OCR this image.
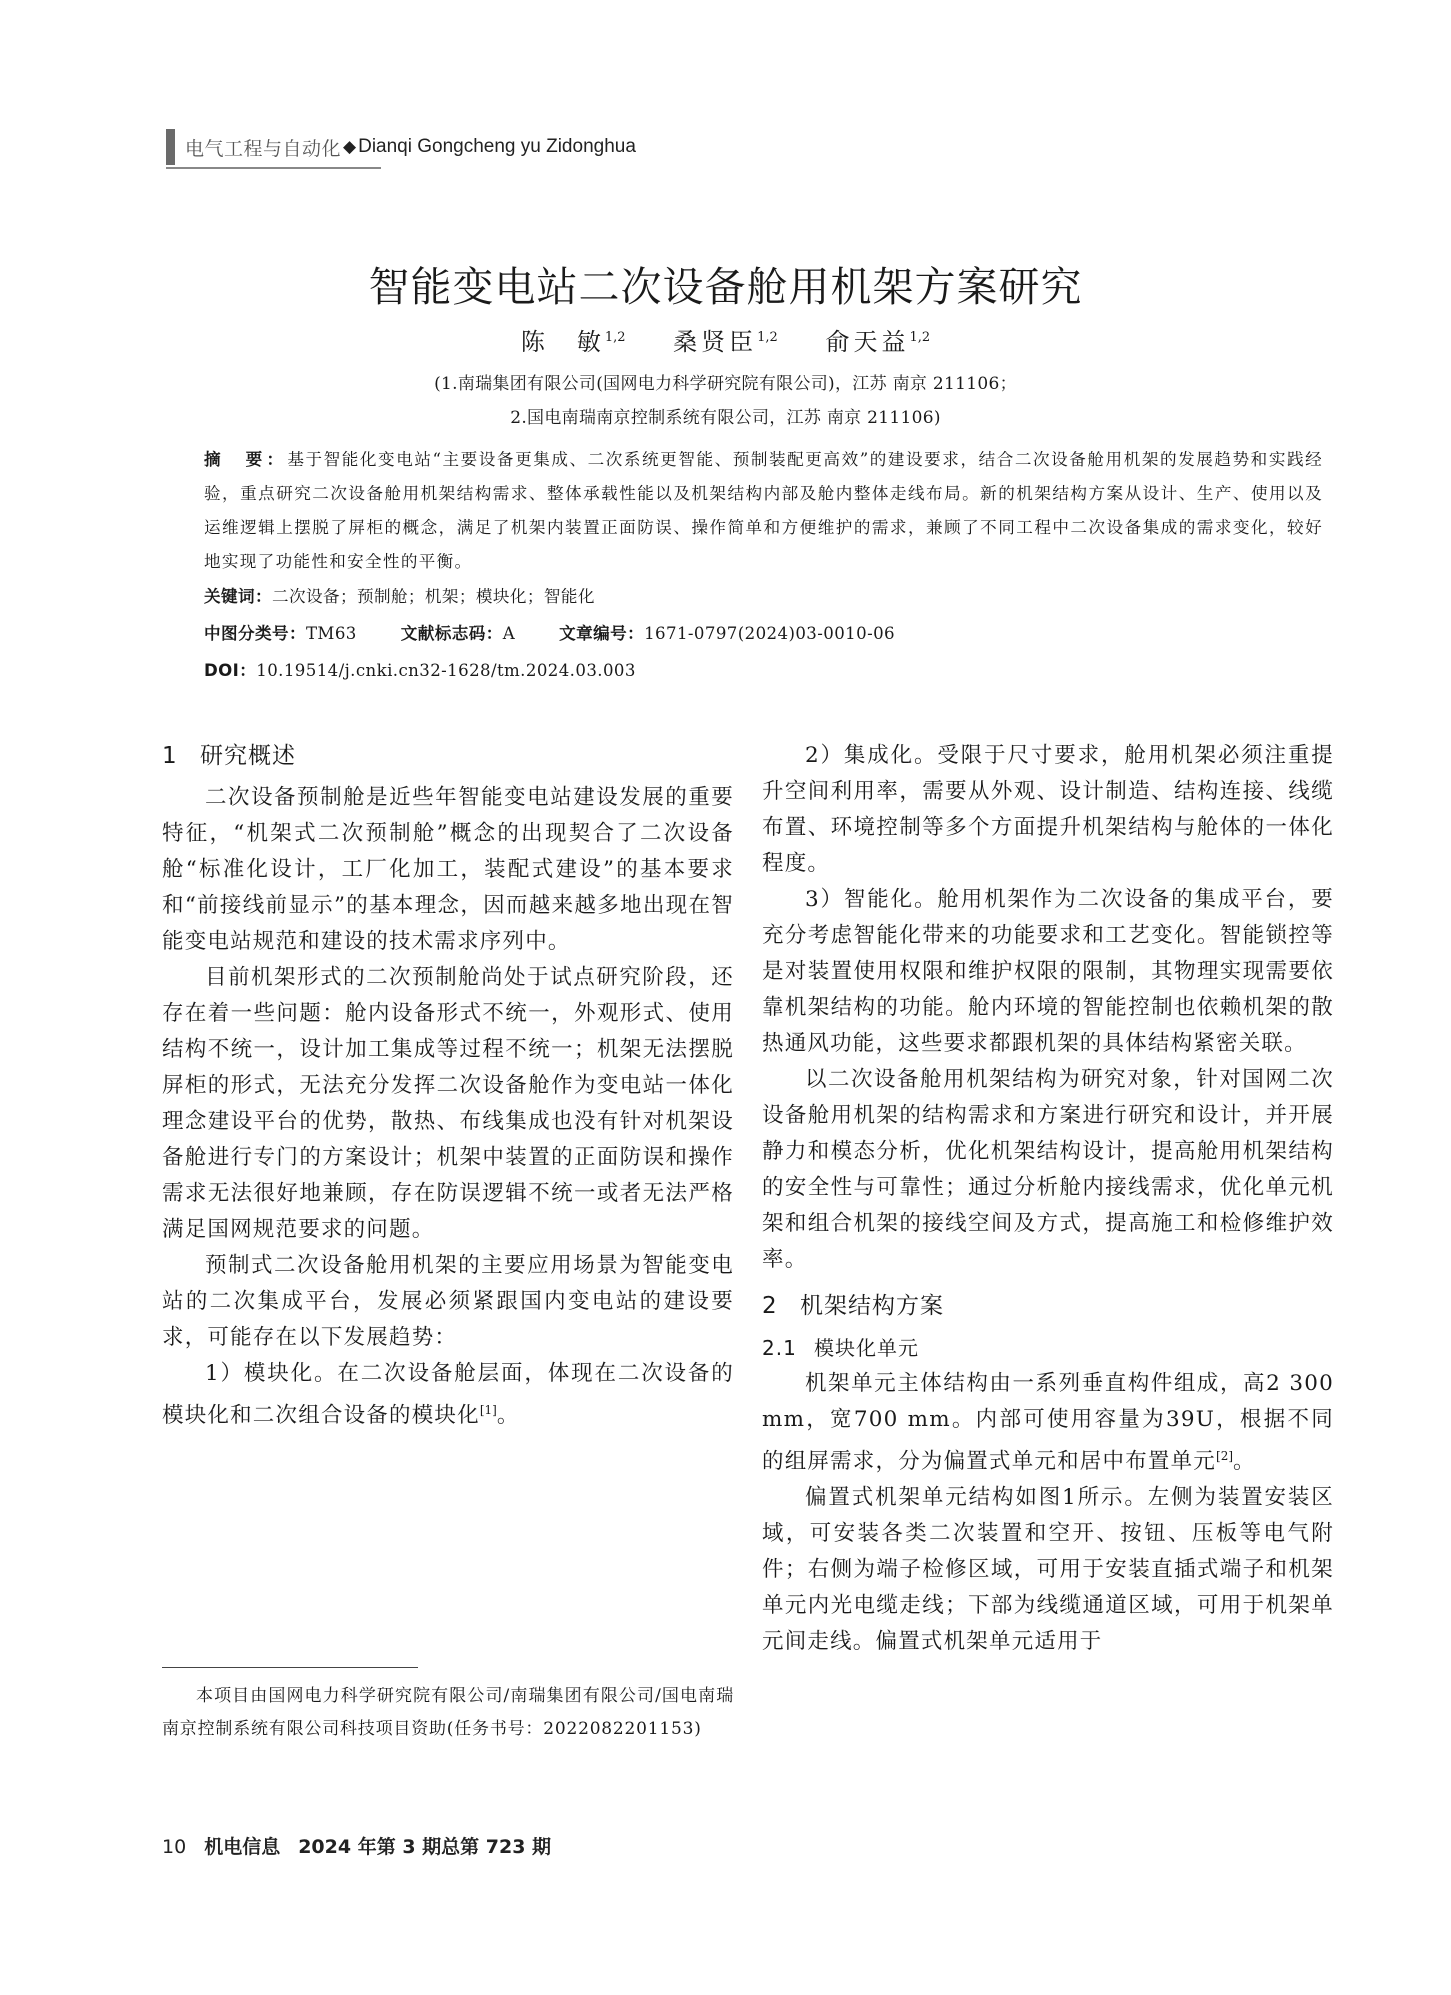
电气工程与自动化 ◆ Dianqi Gongcheng yu Zidonghua
智能变电站二次设备舱用机架方案研究
陈　敏$^{1,2}$ 桑贤臣$^{1,2}$ 俞天益$^{1,2}$
(1.南瑞集团有限公司(国网电力科学研究院有限公司)，江苏 南京 211106；
2.国电南瑞南京控制系统有限公司，江苏 南京 211106)
摘　要：基于智能化变电站“主要设备更集成、二次系统更智能、预制装配更高效”的建设要求，结合二次设备舱用机架的发展趋势和实践经验，重点研究二次设备舱用机架结构需求、整体承载性能以及机架结构内部及舱内整体走线布局。新的机架结构方案从设计、生产、使用以及运维逻辑上摆脱了屏柜的概念，满足了机架内装置正面防误、操作简单和方便维护的需求，兼顾了不同工程中二次设备集成的需求变化，较好地实现了功能性和安全性的平衡。
关键词：二次设备；预制舱；机架；模块化；智能化
中图分类号：TM63	文献标志码：A	文章编号：1671-0797(2024)03-0010-06
DOI：10.19514/j.cnki.cn32-1628/tm.2024.03.003
1 研究概述

二次设备预制舱是近些年智能变电站建设发展的重要特征，“机架式二次预制舱”概念的出现契合了二次设备舱“标准化设计，工厂化加工，装配式建设”的基本要求和“前接线前显示”的基本理念，因而越来越多地出现在智能变电站规范和建设的技术需求序列中。

目前机架形式的二次预制舱尚处于试点研究阶段，还存在着一些问题：舱内设备形式不统一，外观形式、使用结构不统一，设计加工集成等过程不统一；机架无法摆脱屏柜的形式，无法充分发挥二次设备舱作为变电站一体化理念建设平台的优势，散热、布线集成也没有针对机架设备舱进行专门的方案设计；机架中装置的正面防误和操作需求无法很好地兼顾，存在防误逻辑不统一或者无法严格满足国网规范要求的问题。

预制式二次设备舱用机架的主要应用场景为智能变电站的二次集成平台，发展必须紧跟国内变电站的建设要求，可能存在以下发展趋势：

1）模块化。在二次设备舱层面，体现在二次设备的模块化和二次组合设备的模块化[1]。

2）集成化。受限于尺寸要求，舱用机架必须注重提升空间利用率，需要从外观、设计制造、结构连接、线缆布置、环境控制等多个方面提升机架结构与舱体的一体化程度。

3）智能化。舱用机架作为二次设备的集成平台，要充分考虑智能化带来的功能要求和工艺变化。智能锁控等是对装置使用权限和维护权限的限制，其物理实现需要依靠机架结构的功能。舱内环境的智能控制也依赖机架的散热通风功能，这些要求都跟机架的具体结构紧密关联。

以二次设备舱用机架结构为研究对象，针对国网二次设备舱用机架的结构需求和方案进行研究和设计，并开展静力和模态分析，优化机架结构设计，提高舱用机架结构的安全性与可靠性；通过分析舱内接线需求，优化单元机架和组合机架的接线空间及方式，提高施工和检修维护效率。

2 机架结构方案
2.1 模块化单元

机架单元主体结构由一系列垂直构件组成，高2 300 mm，宽700 mm。内部可使用容量为39U，根据不同的组屏需求，分为偏置式单元和居中布置单元[2]。

偏置式机架单元结构如图1所示。左侧为装置安装区域，可安装各类二次装置和空开、按钮、压板等电气附件；右侧为端子检修区域，可用于安装直插式端子和机架单元内光电缆走线；下部为线缆通道区域，可用于机架单元间走线。偏置式机架单元适用于

本项目由国网电力科学研究院有限公司/南瑞集团有限公司/国电南瑞南京控制系统有限公司科技项目资助(任务书号：2022082201153)
10 机电信息 2024 年第 3 期总第 723 期
